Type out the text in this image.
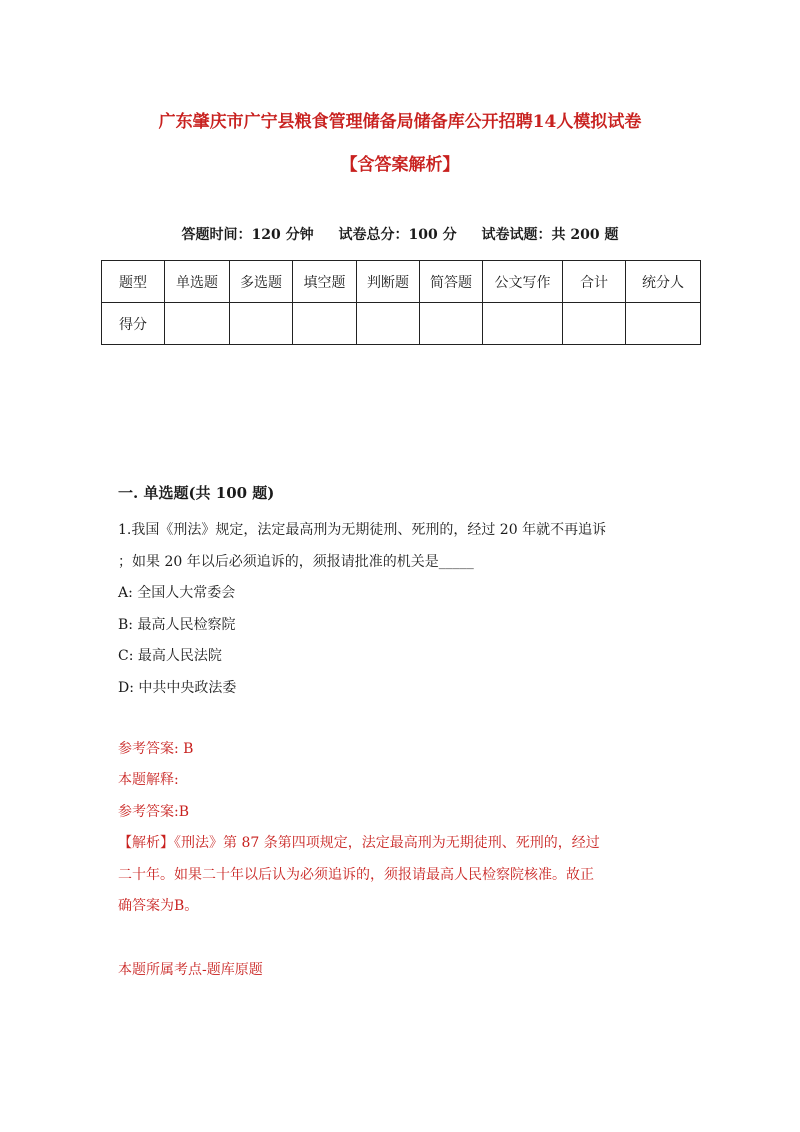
广东肇庆市广宁县粮食管理储备局储备库公开招聘14人模拟试卷
【含答案解析】
答题时间：120 分钟 试卷总分：100 分 试卷试题：共 200 题
题型	单选题	多选题	填空题	判断题	简答题	公文写作	合计	统分人
得分								
一. 单选题(共 100 题)
1.我国《刑法》规定，法定最高刑为无期徒刑、死刑的，经过 20 年就不再追诉
；如果 20 年以后必须追诉的，须报请批准的机关是_____
A: 全国人大常委会
B: 最高人民检察院
C: 最高人民法院
D: 中共中央政法委
参考答案: B
本题解释:
参考答案:B
【解析】《刑法》第 87 条第四项规定，法定最高刑为无期徒刑、死刑的，经过
二十年。如果二十年以后认为必须追诉的，须报请最高人民检察院核准。故正
确答案为B。
本题所属考点-题库原题
